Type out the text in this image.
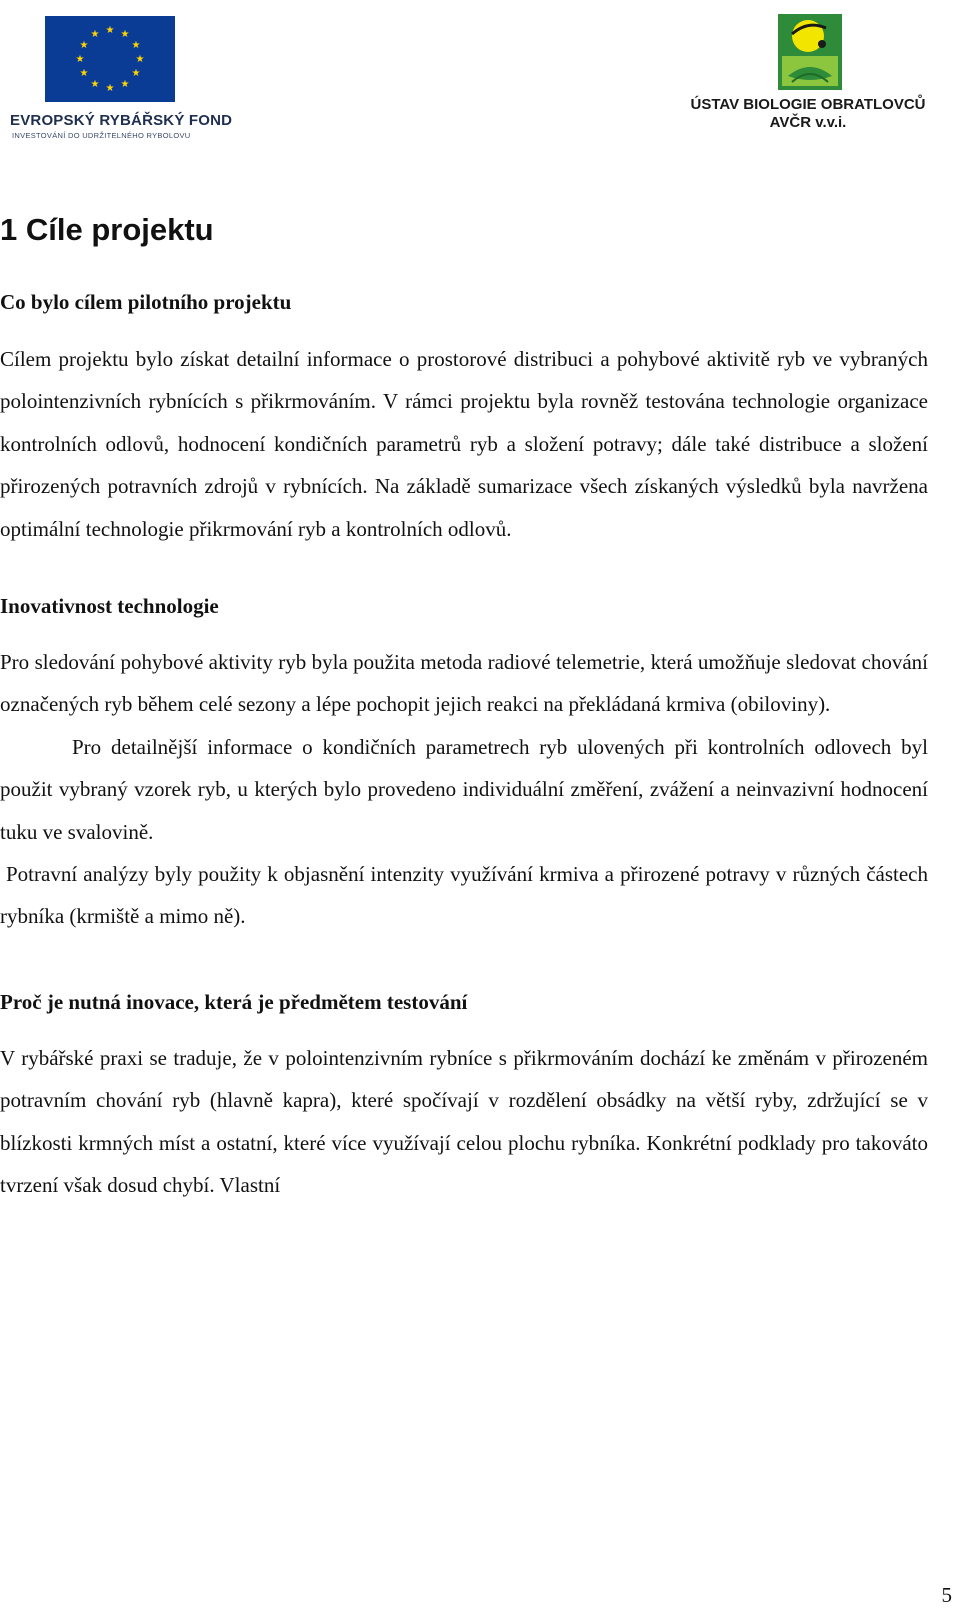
★ ★
★
★
★
★
★
★
★
★
★
★
EVROPSKÝ RYBÁŘSKÝ FOND
INVESTOVÁNÍ DO UDRŽITELNÉHO RYBOLOVU
ÚSTAV BIOLOGIE OBRATLOVCŮ
AVČR v.v.i.
1 Cíle projektu
Co bylo cílem pilotního projektu

Cílem projektu bylo získat detailní informace o prostorové distribuci a pohybové aktivitě ryb ve vybraných polointenzivních rybnících s přikrmováním. V rámci projektu byla rovněž testována technologie organizace kontrolních odlovů, hodnocení kondičních parametrů ryb a složení potravy; dále také distribuce a složení přirozených potravních zdrojů v rybnících. Na základě sumarizace všech získaných výsledků byla navržena optimální technologie přikrmování ryb a kontrolních odlovů.

Inovativnost technologie

Pro sledování pohybové aktivity ryb byla použita metoda radiové telemetrie, která umožňuje sledovat chování označených ryb během celé sezony a lépe pochopit jejich reakci na překládaná krmiva (obiloviny).

Pro detailnější informace o kondičních parametrech ryb ulovených při kontrolních odlovech byl použit vybraný vzorek ryb, u kterých bylo provedeno individuální změření, zvážení a neinvazivní hodnocení tuku ve svalovině.

Potravní analýzy byly použity k objasnění intenzity využívání krmiva a přirozené potravy v různých částech rybníka (krmiště a mimo ně).

Proč je nutná inovace, která je předmětem testování

V rybářské praxi se traduje, že v polointenzivním rybníce s přikrmováním dochází ke změnám v přirozeném potravním chování ryb (hlavně kapra), které spočívají v rozdělení obsádky na větší ryby, zdržující se v blízkosti krmných míst a ostatní, které více využívají celou plochu rybníka. Konkrétní podklady pro takováto tvrzení však dosud chybí. Vlastní

5
